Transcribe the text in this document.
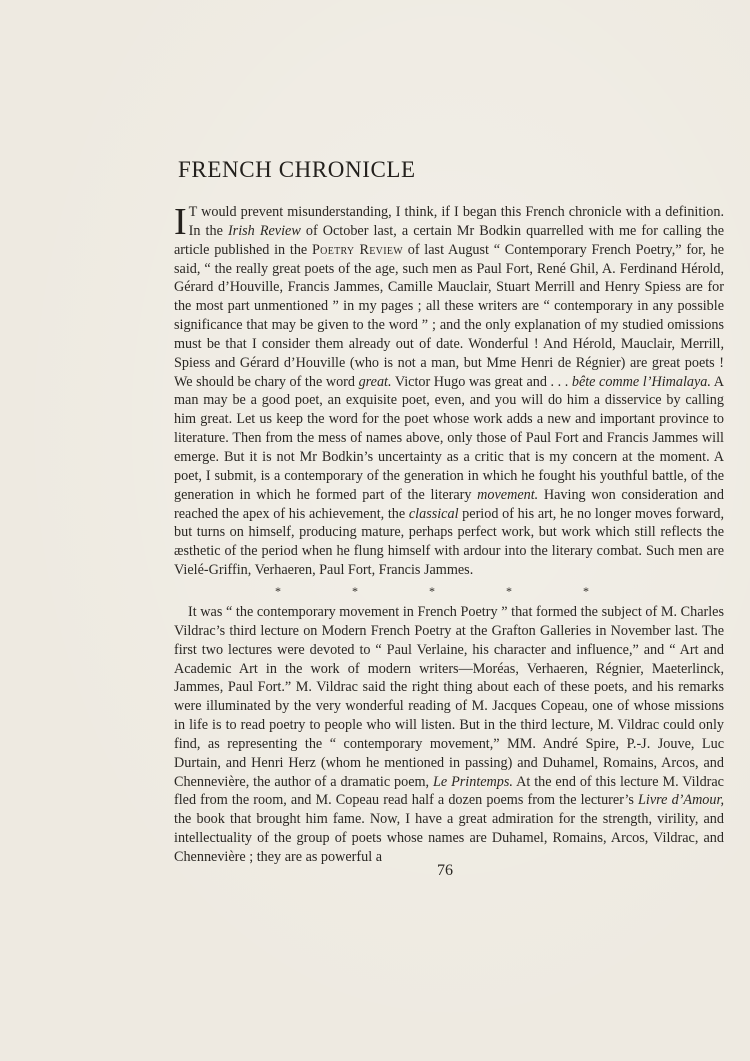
FRENCH CHRONICLE

I T would prevent misunderstanding, I think, if I began this French chronicle with a definition. In the Irish Review of October last, a certain Mr Bodkin quarrelled with me for calling the article published in the Poetry Review of last August “ Contemporary French Poetry,” for, he said, “ the really great poets of the age, such men as Paul Fort, René Ghil, A. Ferdinand Hérold, Gérard d’Houville, Francis Jammes, Camille Mauclair, Stuart Merrill and Henry Spiess are for the most part unmentioned ” in my pages ; all these writers are “ contemporary in any possible significance that may be given to the word ” ; and the only explanation of my studied omissions must be that I consider them already out of date. Wonderful ! And Hérold, Mauclair, Merrill, Spiess and Gérard d’Houville (who is not a man, but Mme Henri de Régnier) are great poets ! We should be chary of the word great. Victor Hugo was great and . . . bête comme l’Himalaya. A man may be a good poet, an exquisite poet, even, and you will do him a disservice by calling him great. Let us keep the word for the poet whose work adds a new and important province to literature. Then from the mess of names above, only those of Paul Fort and Francis Jammes will emerge. But it is not Mr Bodkin’s uncertainty as a critic that is my concern at the moment. A poet, I submit, is a contemporary of the generation in which he fought his youthful battle, of the generation in which he formed part of the literary movement. Having won consideration and reached the apex of his achievement, the classical period of his art, he no longer moves forward, but turns on himself, producing mature, perhaps perfect work, but work which still reflects the æsthetic of the period when he flung himself with ardour into the literary combat. Such men are Vielé-Griffin, Verhaeren, Paul Fort, Francis Jammes.

* * * * *

It was “ the contemporary movement in French Poetry ” that formed the subject of M. Charles Vildrac’s third lecture on Modern French Poetry at the Grafton Galleries in November last. The first two lectures were devoted to “ Paul Verlaine, his character and influence,” and “ Art and Academic Art in the work of modern writers—Moréas, Verhaeren, Régnier, Maeterlinck, Jammes, Paul Fort.” M. Vildrac said the right thing about each of these poets, and his remarks were illuminated by the very wonderful reading of M. Jacques Copeau, one of whose missions in life is to read poetry to people who will listen. But in the third lecture, M. Vildrac could only find, as representing the “ contemporary movement,” MM. André Spire, P.-J. Jouve, Luc Durtain, and Henri Herz (whom he mentioned in passing) and Duhamel, Romains, Arcos, and Chennevière, the author of a dramatic poem, Le Printemps. At the end of this lecture M. Vildrac fled from the room, and M. Copeau read half a dozen poems from the lecturer’s Livre d’Amour, the book that brought him fame. Now, I have a great admiration for the strength, virility, and intellectuality of the group of poets whose names are Duhamel, Romains, Arcos, Vildrac, and Chennevière ; they are as powerful a

76
